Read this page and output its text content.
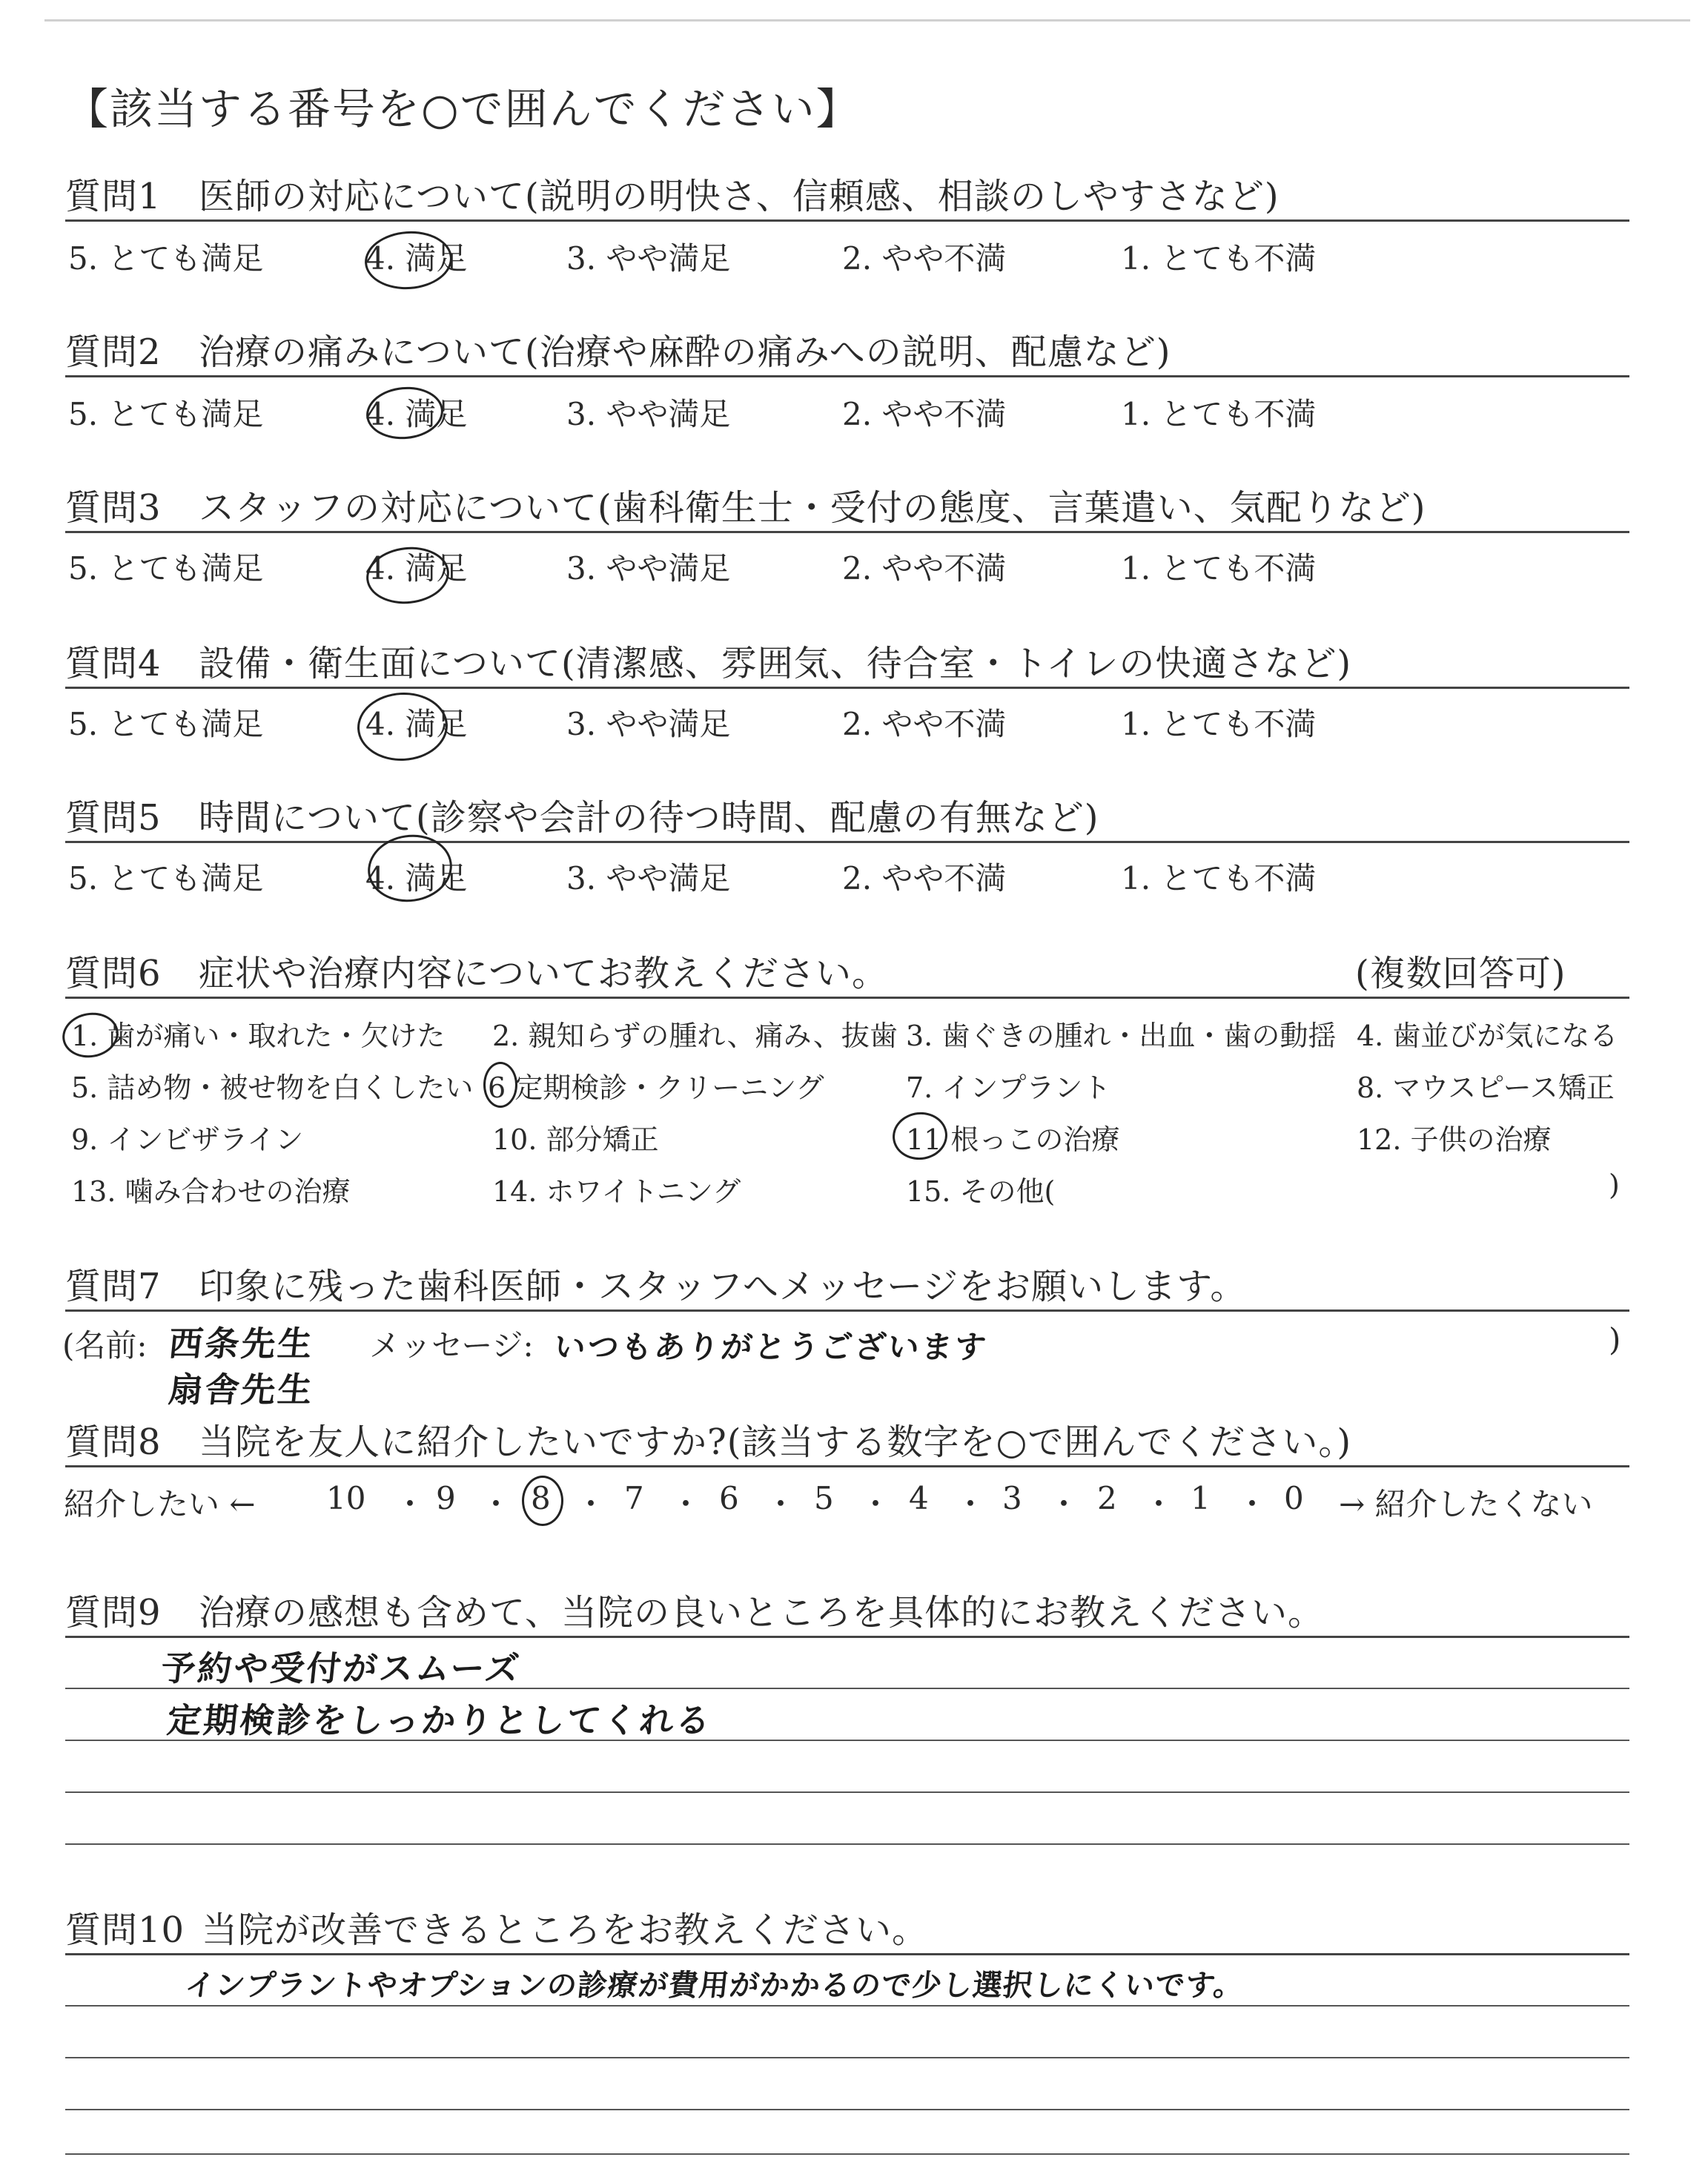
【該当する番号を○で囲んでください】
質問1 医師の対応について(説明の明快さ、信頼感、相談のしやすさなど)
5. とても満足	4. 満足	3. やや満足	2. やや不満	1. とても不満
質問2 治療の痛みについて(治療や麻酔の痛みへの説明、配慮など)
5. とても満足	4. 満足	3. やや満足	2. やや不満	1. とても不満
質問3 スタッフの対応について(歯科衛生士・受付の態度、言葉遣い、気配りなど)
5. とても満足	4. 満足	3. やや満足	2. やや不満	1. とても不満
質問4 設備・衛生面について(清潔感、雰囲気、待合室・トイレの快適さなど)
5. とても満足	4. 満足	3. やや満足	2. やや不満	1. とても不満
質問5 時間について(診察や会計の待つ時間、配慮の有無など)
5. とても満足	4. 満足	3. やや満足	2. やや不満	1. とても不満
質問6 症状や治療内容についてお教えください。	(複数回答可)
1. 歯が痛い・取れた・欠けた 2. 親知らずの腫れ、痛み、抜歯 3. 歯ぐきの腫れ・出血・歯の動揺 4. 歯並びが気になる
5. 詰め物・被せ物を白くしたい 6 定期検診・クリーニング	7. インプラント	8. マウスピース矯正
9. インビザライン	10. 部分矯正	11 根っこの治療	12. 子供の治療
13. 噛み合わせの治療	14. ホワイトニング	15. その他(	)
質問7 印象に残った歯科医師・スタッフへメッセージをお願いします。
(名前: 西条先生
扇舎先生
メッセージ: いつもありがとうございます	)
質問8 当院を友人に紹介したいですか?(該当する数字を○で囲んでください。)
紹介したい ← 10 ・ 9 ・ 8 ・ 7 ・ 6 ・ 5 ・ 4 ・ 3 ・ 2 ・ 1 ・ 0 → 紹介したくない
質問9 治療の感想も含めて、当院の良いところを具体的にお教えください。
予約や受付がスムーズ
定期検診をしっかりとしてくれる
質問10 当院が改善できるところをお教えください。
インプラントやオプションの診療が費用がかかるので少し選択しにくいです。
